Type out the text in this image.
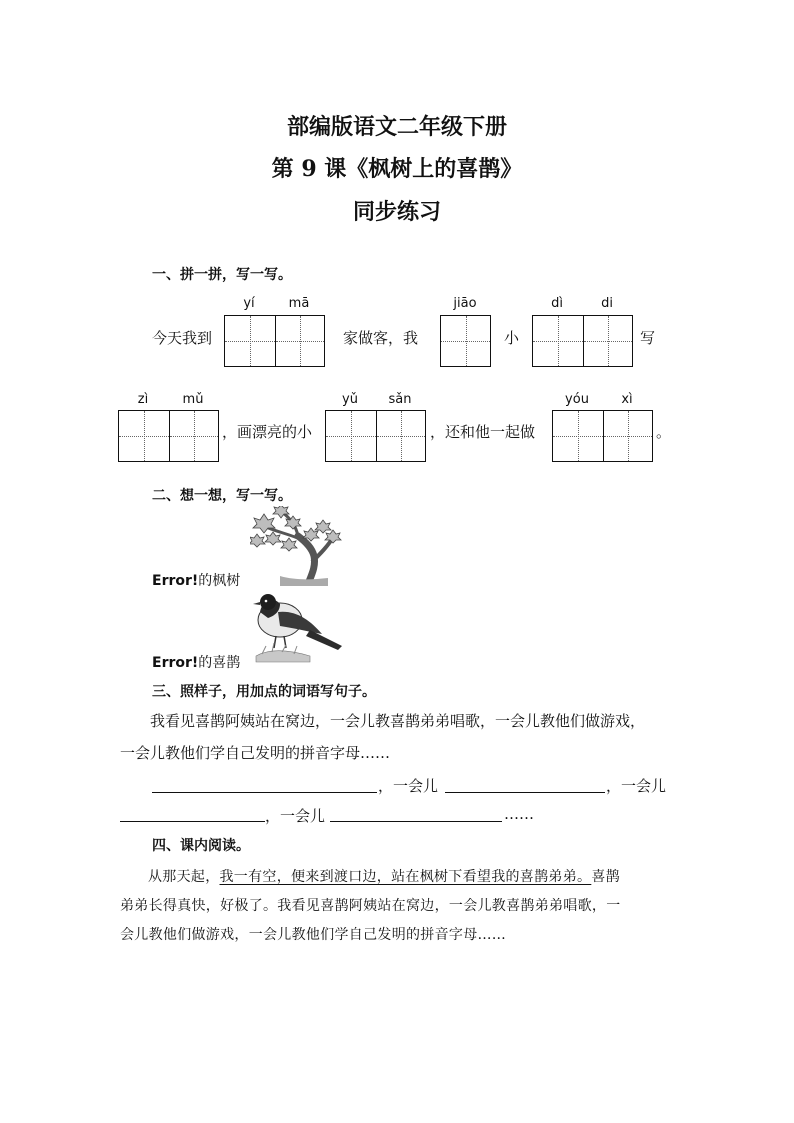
部编版语文二年级下册
第 9 课《枫树上的喜鹊》
同步练习
一、拼一拼，写一写。
yí	mā	jiāo	dì	di
今天我到	家做客，我	小	写
zì	mǔ	yǔ	sǎn	yóu	xì
，画漂亮的小	，还和他一起做	。
二、想一想，写一写。
Error!的枫树
Error!的喜鹊
三、照样子，用加点的词语写句子。
我看见喜鹊阿姨站在窝边，一会儿教喜鹊弟弟唱歌，一会儿教他们做游戏，
一会儿教他们学自己发明的拼音字母……
，一会儿	，一会儿
，一会儿	……
四、课内阅读。

从那天起，我一有空，便来到渡口边，站在枫树下看望我的喜鹊弟弟。喜鹊

弟弟长得真快，好极了。我看见喜鹊阿姨站在窝边，一会儿教喜鹊弟弟唱歌，一

会儿教他们做游戏，一会儿教他们学自己发明的拼音字母……
